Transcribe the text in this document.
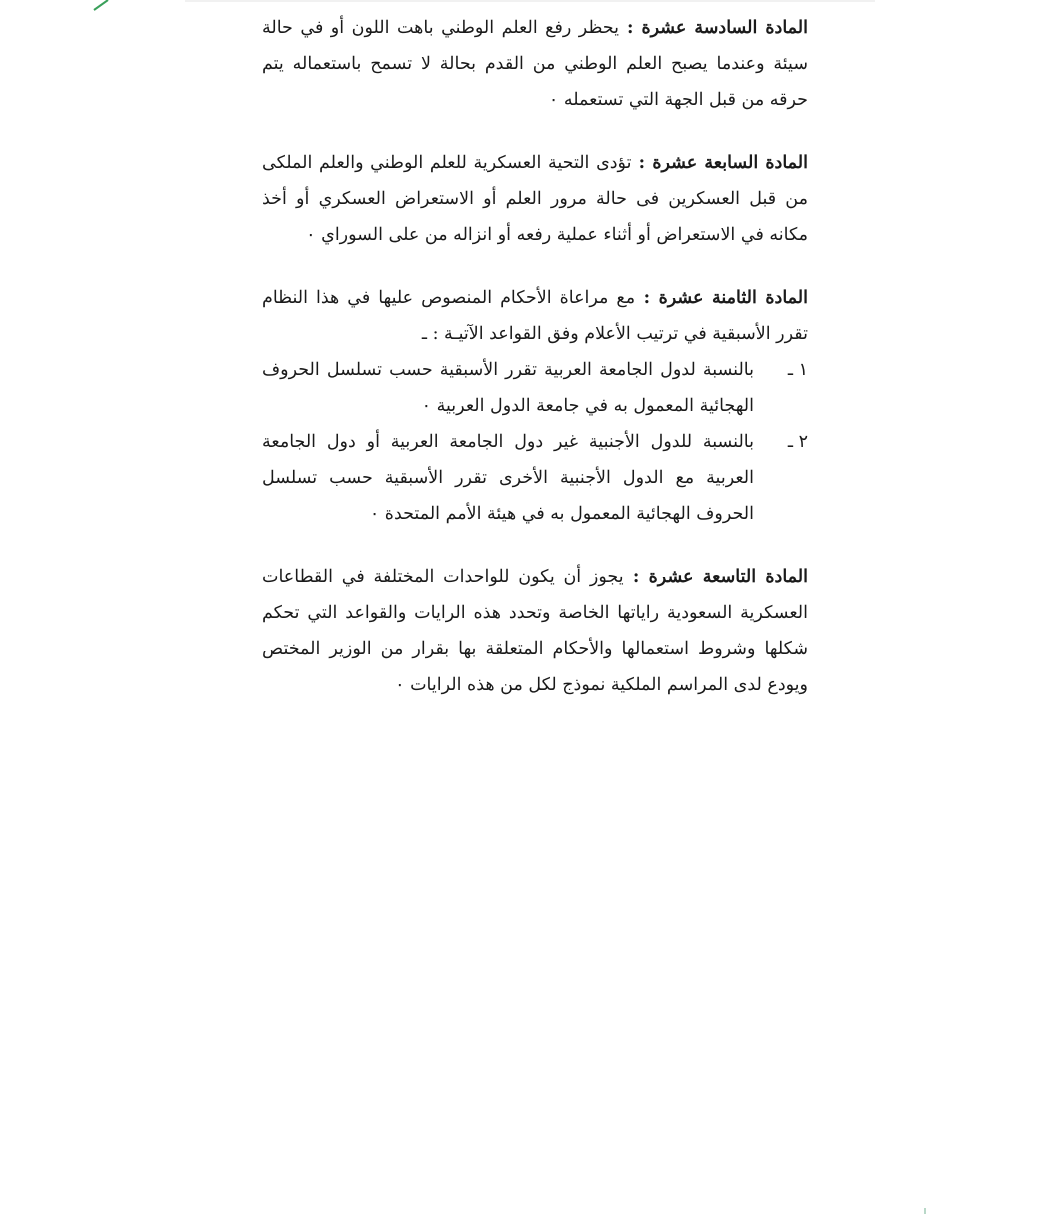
المادة السادسة عشرة : يحظر رفع العلم الوطني باهت اللون أو في حالة سيئة وعندما يصبح العلم الوطني من القدم بحالة لا تسمح باستعماله يتم حرقه من قبل الجهة التي تستعمله ٠

المادة السابعة عشرة : تؤدى التحية العسكرية للعلم الوطني والعلم الملكى من قبل العسكرين فى حالة مرور العلم أو الاستعراض العسكري أو أخذ مكانه في الاستعراض أو أثناء عملية رفعه أو انزاله من على السوراي ٠

المادة الثامنة عشرة : مع مراعاة الأحكام المنصوص عليها في هذا النظام تقرر الأسبقية في ترتيب الأعلام وفق القواعد الآتيـة : ـ

١ ـ
بالنسبة لدول الجامعة العربية تقرر الأسبقية حسب تسلسل الحروف الهجائية المعمول به في جامعة الدول العربية ٠
٢ ـ
بالنسبة للدول الأجنبية غير دول الجامعة العربية أو دول الجامعة العربية مع الدول الأجنبية الأخرى تقرر الأسبقية حسب تسلسل الحروف الهجائية المعمول به في هيئة الأمم المتحدة ٠

المادة التاسعة عشرة : يجوز أن يكون للواحدات المختلفة في القطاعات العسكرية السعودية راياتها الخاصة وتحدد هذه الرايات والقواعد التي تحكم شكلها وشروط استعمالها والأحكام المتعلقة بها بقرار من الوزير المختص ويودع لدى المراسم الملكية نموذج لكل من هذه الرايات ٠
